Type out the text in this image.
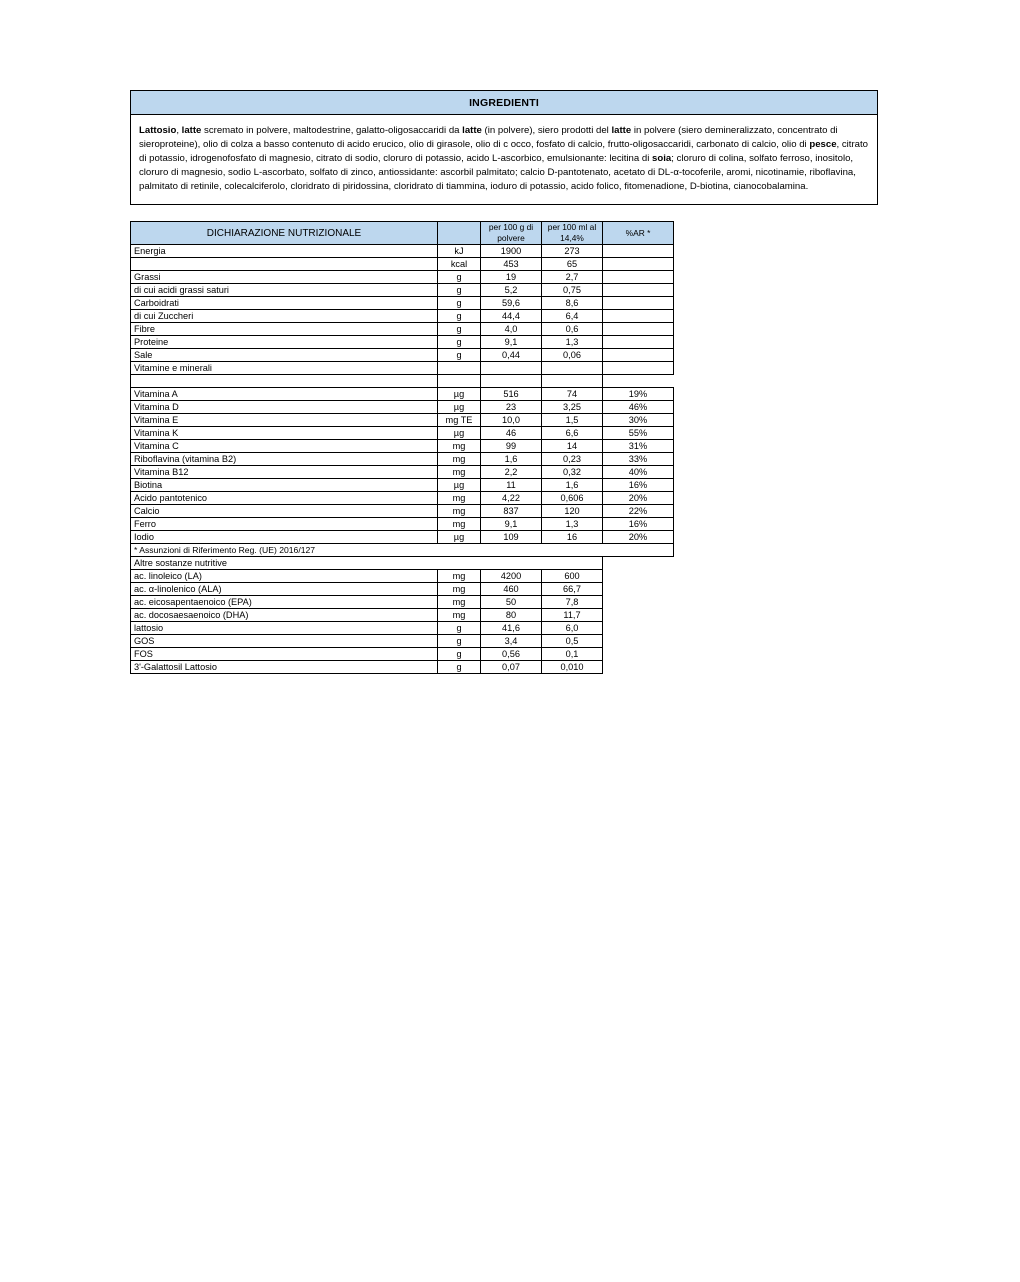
INGREDIENTI
Lattosio, latte scremato in polvere, maltodestrine, galatto-oligosaccaridi da latte (in polvere), siero prodotti del latte in polvere (siero demineralizzato, concentrato di sieroproteine), olio di colza a basso contenuto di acido erucico, olio di girasole, olio di c occo, fosfato di calcio, frutto-oligosaccaridi, carbonato di calcio, olio di pesce, citrato di potassio, idrogenofosfato di magnesio, citrato di sodio, cloruro di potassio, acido L-ascorbico, emulsionante: lecitina di soia; cloruro di colina, solfato ferroso, inositolo, cloruro di magnesio, sodio L-ascorbato, solfato di zinco, antiossidante: ascorbil palmitato; calcio D-pantotenato, acetato di DL-α-tocoferile, aromi, nicotinamie, riboflavina, palmitato di retinile, colecalciferolo, cloridrato di piridossina, cloridrato di tiammina, ioduro di potassio, acido folico, fitomenadione, D-biotina, cianocobalamina.
DICHIARAZIONE NUTRIZIONALE		per 100 g di polvere	per 100 ml al 14,4%	%AR *
Energia	kJ	1900	273	
	kcal	453	65	
Grassi	g	19	2,7	
di cui acidi grassi saturi	g	5,2	0,75	
Carboidrati	g	59,6	8,6	
di cui Zuccheri	g	44,4	6,4	
Fibre	g	4,0	0,6	
Proteine	g	9,1	1,3	
Sale	g	0,44	0,06	
Vitamine e minerali				

Vitamina A	µg	516	74	19%
Vitamina D	µg	23	3,25	46%
Vitamina E	mg TE	10,0	1,5	30%
Vitamina K	µg	46	6,6	55%
Vitamina C	mg	99	14	31%
Riboflavina (vitamina B2)	mg	1,6	0,23	33%
Vitamina B12	mg	2,2	0,32	40%
Biotina	µg	11	1,6	16%
Acido pantotenico	mg	4,22	0,606	20%
Calcio	mg	837	120	22%
Ferro	mg	9,1	1,3	16%
Iodio	µg	109	16	20%
* Assunzioni di Riferimento Reg. (UE) 2016/127				
Altre sostanze nutritive				
ac. linoleico (LA)	mg	4200	600	
ac. α-linolenico (ALA)	mg	460	66,7	
ac. eicosapentaenoico (EPA)	mg	50	7,8	
ac. docosaesaenoico (DHA)	mg	80	11,7	
lattosio	g	41,6	6,0	
GOS	g	3,4	0,5	
FOS	g	0,56	0,1	
3'-Galattosil Lattosio	g	0,07	0,010	
